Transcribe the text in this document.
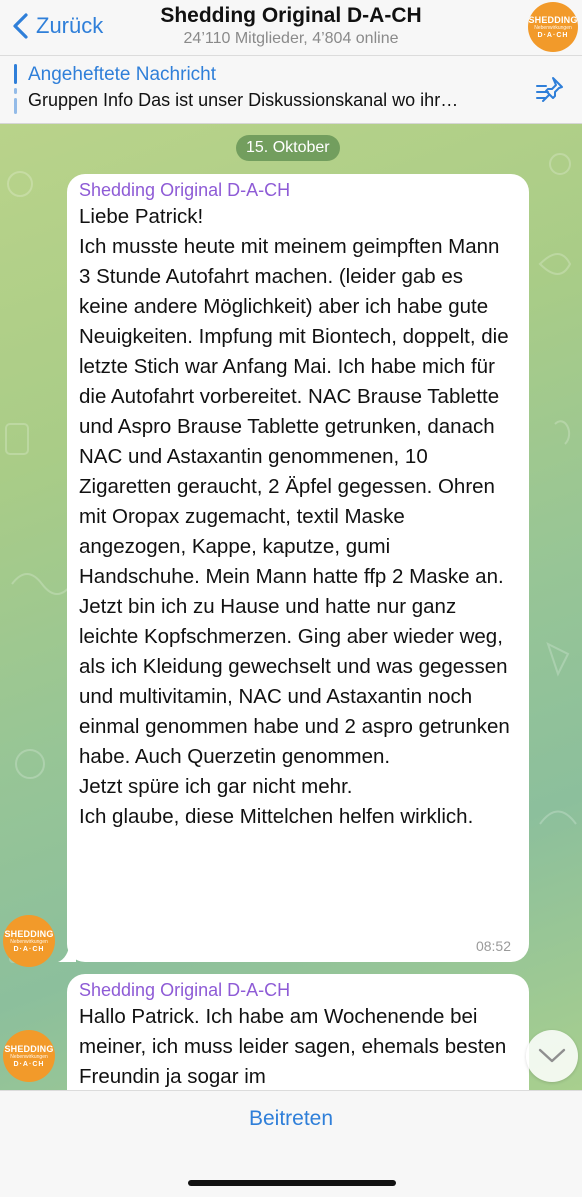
Zurück	Shedding Original D-A-CH
24’110 Mitglieder, 4’804 online
SHEDDING
Nebenwirkungen
D·A·CH
Angeheftete Nachricht
Gruppen Info Das ist unser Diskussionskanal wo ihr…
15. Oktober
Shedding Original D-A-CH
Liebe Patrick!
Ich musste heute mit meinem geimpften Mann 3 Stunde Autofahrt machen. (leider gab es keine andere Möglichkeit) aber ich habe gute Neuigkeiten. Impfung mit Biontech, doppelt, die letzte Stich war Anfang Mai. Ich habe mich für die Autofahrt vorbereitet. NAC Brause Tablette und Aspro Brause Tablette getrunken, danach NAC und Astaxantin genommenen, 10 Zigaretten geraucht, 2 Äpfel gegessen. Ohren mit Oropax zugemacht, textil Maske angezogen, Kappe, kaputze, gumi Handschuhe. Mein Mann hatte ffp 2 Maske an.
Jetzt bin ich zu Hause und hatte nur ganz leichte Kopfschmerzen. Ging aber wieder weg, als ich Kleidung gewechselt und was gegessen und multivitamin, NAC und Astaxantin noch einmal genommen habe und 2 aspro getrunken habe. Auch Querzetin genommen.
Jetzt spüre ich gar nicht mehr.
Ich glaube, diese Mittelchen helfen wirklich.
08:52
SHEDDING
Nebenwirkungen
D·A·CH
Shedding Original D-A-CH
Hallo Patrick. Ich habe am Wochenende bei meiner, ich muss leider sagen, ehemals besten Freundin ja sogar im
SHEDDING
Nebenwirkungen
D·A·CH
Beitreten
